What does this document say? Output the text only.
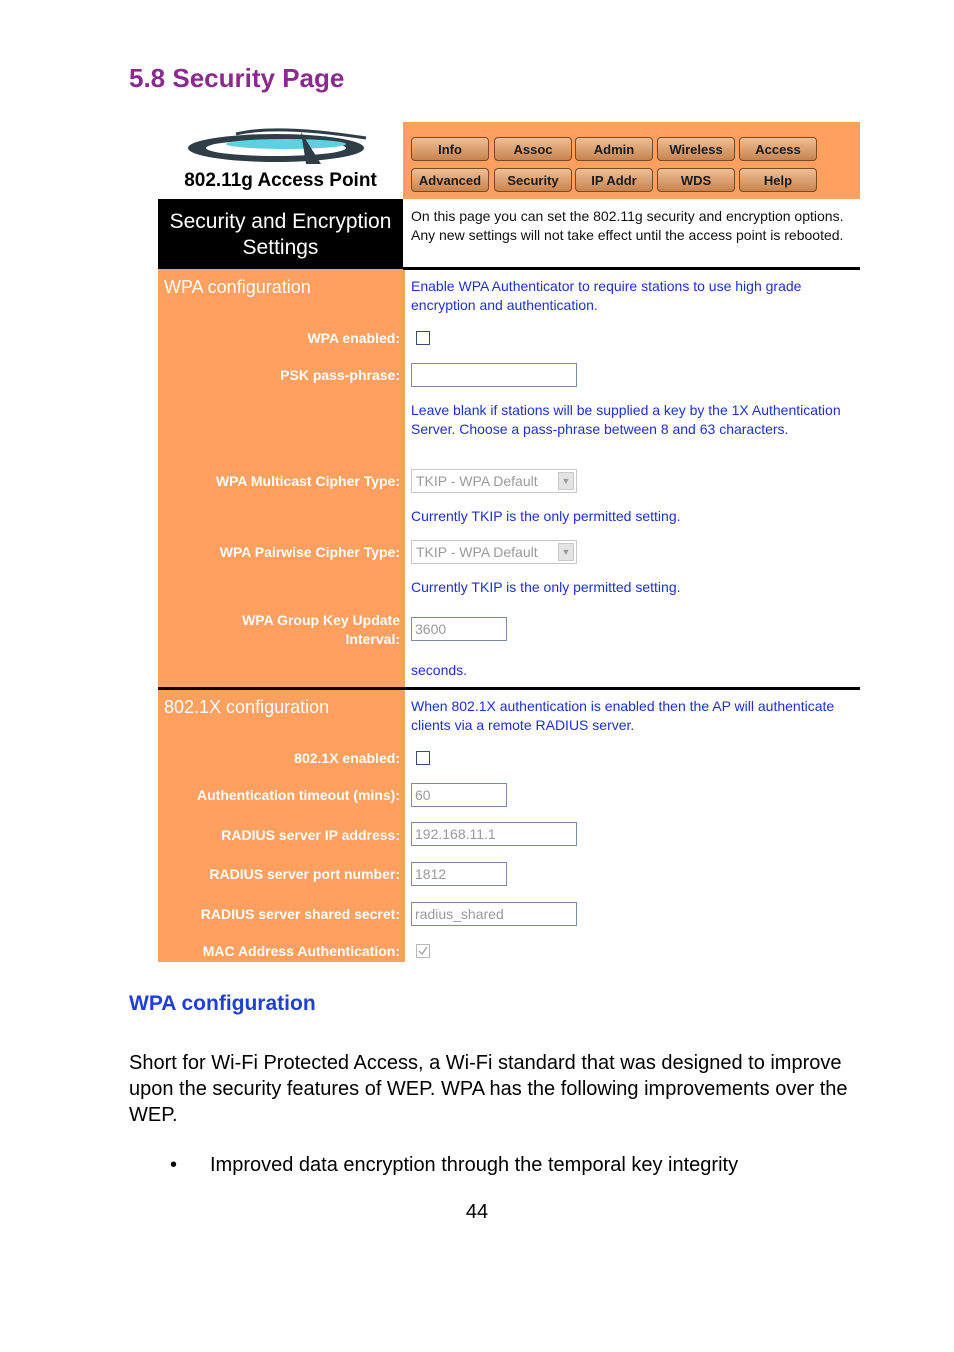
5.8 Security Page
802.11g Access Point
Info	Assoc	Admin	Wireless	Access
Advanced	Security	IP Addr	WDS	Help
Security and Encryption Settings
On this page you can set the 802.11g security and encryption options. Any new settings will not take effect until the access point is rebooted.
WPA configuration	Enable WPA Authenticator to require stations to use high grade encryption and authentication.
WPA enabled:
PSK pass-phrase:
Leave blank if stations will be supplied a key by the 1X Authentication Server. Choose a pass-phrase between 8 and 63 characters.
WPA Multicast Cipher Type:	TKIP - WPA Default	▼
Currently TKIP is the only permitted setting.
WPA Pairwise Cipher Type:	TKIP - WPA Default	▼
Currently TKIP is the only permitted setting.
WPA Group Key Update Interval:
3600
seconds.
802.1X configuration	When 802.1X authentication is enabled then the AP will authenticate clients via a remote RADIUS server.
802.1X enabled:
Authentication timeout (mins): 60
RADIUS server IP address: 192.168.11.1
RADIUS server port number: 1812
RADIUS server shared secret: radius_shared
MAC Address Authentication:
WPA configuration
Short for Wi-Fi Protected Access, a Wi-Fi standard that was designed to improve upon the security features of WEP. WPA has the following improvements over the WEP.
• Improved data encryption through the temporal key integrity
44
